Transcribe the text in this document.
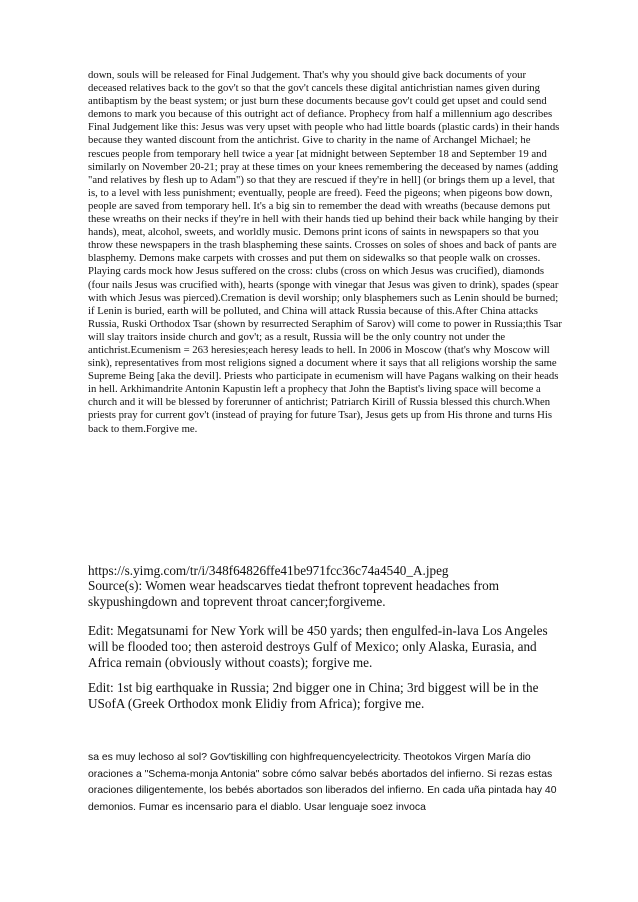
down, souls will be released for Final Judgement. That's why you should give back documents of your deceased relatives back to the gov't so that the gov't cancels these digital antichristian names given during antibaptism by the beast system; or just burn these documents because gov't could get upset and could send demons to mark you because of this outright act of defiance. Prophecy from half a millennium ago describes Final Judgement like this: Jesus was very upset with people who had little boards (plastic cards) in their hands because they wanted discount from the antichrist. Give to charity in the name of Archangel Michael; he rescues people from temporary hell twice a year [at midnight between September 18 and September 19 and similarly on November 20-21; pray at these times on your knees remembering the deceased by names (adding "and relatives by flesh up to Adam") so that they are rescued if they're in hell] (or brings them up a level, that is, to a level with less punishment; eventually, people are freed). Feed the pigeons; when pigeons bow down, people are saved from temporary hell. It's a big sin to remember the dead with wreaths (because demons put these wreaths on their necks if they're in hell with their hands tied up behind their back while hanging by their hands), meat, alcohol, sweets, and worldly music. Demons print icons of saints in newspapers so that you throw these newspapers in the trash blaspheming these saints. Crosses on soles of shoes and back of pants are blasphemy. Demons make carpets with crosses and put them on sidewalks so that people walk on crosses. Playing cards mock how Jesus suffered on the cross: clubs (cross on which Jesus was crucified), diamonds (four nails Jesus was crucified with), hearts (sponge with vinegar that Jesus was given to drink), spades (spear with which Jesus was pierced).Cremation is devil worship; only blasphemers such as Lenin should be burned; if Lenin is buried, earth will be polluted, and China will attack Russia because of this.After China attacks Russia, Ruski Orthodox Tsar (shown by resurrected Seraphim of Sarov) will come to power in Russia;this Tsar will slay traitors inside church and gov't; as a result, Russia will be the only country not under the antichrist.Ecumenism = 263 heresies;each heresy leads to hell. In 2006 in Moscow (that's why Moscow will sink), representatives from most religions signed a document where it says that all religions worship the same Supreme Being [aka the devil]. Priests who participate in ecumenism will have Pagans walking on their heads in hell. Arkhimandrite Antonin Kapustin left a prophecy that John the Baptist's living space will become a church and it will be blessed by forerunner of antichrist; Patriarch Kirill of Russia blessed this church.When priests pray for current gov't (instead of praying for future Tsar), Jesus gets up from His throne and turns His back to them.Forgive me.

https://s.yimg.com/tr/i/348f64826ffe41be971fcc36c74a4540_A.jpeg

Source(s): Women wear headscarves tiedat thefront toprevent headaches from skypushingdown and toprevent throat cancer;forgiveme.

Edit: Megatsunami for New York will be 450 yards; then engulfed-in-lava Los Angeles will be flooded too; then asteroid destroys Gulf of Mexico; only Alaska, Eurasia, and Africa remain (obviously without coasts); forgive me.

Edit: 1st big earthquake in Russia; 2nd bigger one in China; 3rd biggest will be in the USofA (Greek Orthodox monk Elidiy from Africa); forgive me.

sa es muy lechoso al sol? Gov'tiskilling con highfrequencyelectricity. Theotokos Virgen María dio oraciones a "Schema-monja Antonia" sobre cómo salvar bebés abortados del infierno. Si rezas estas oraciones diligentemente, los bebés abortados son liberados del infierno. En cada uña pintada hay 40 demonios. Fumar es incensario para el diablo. Usar lenguaje soez invoca
